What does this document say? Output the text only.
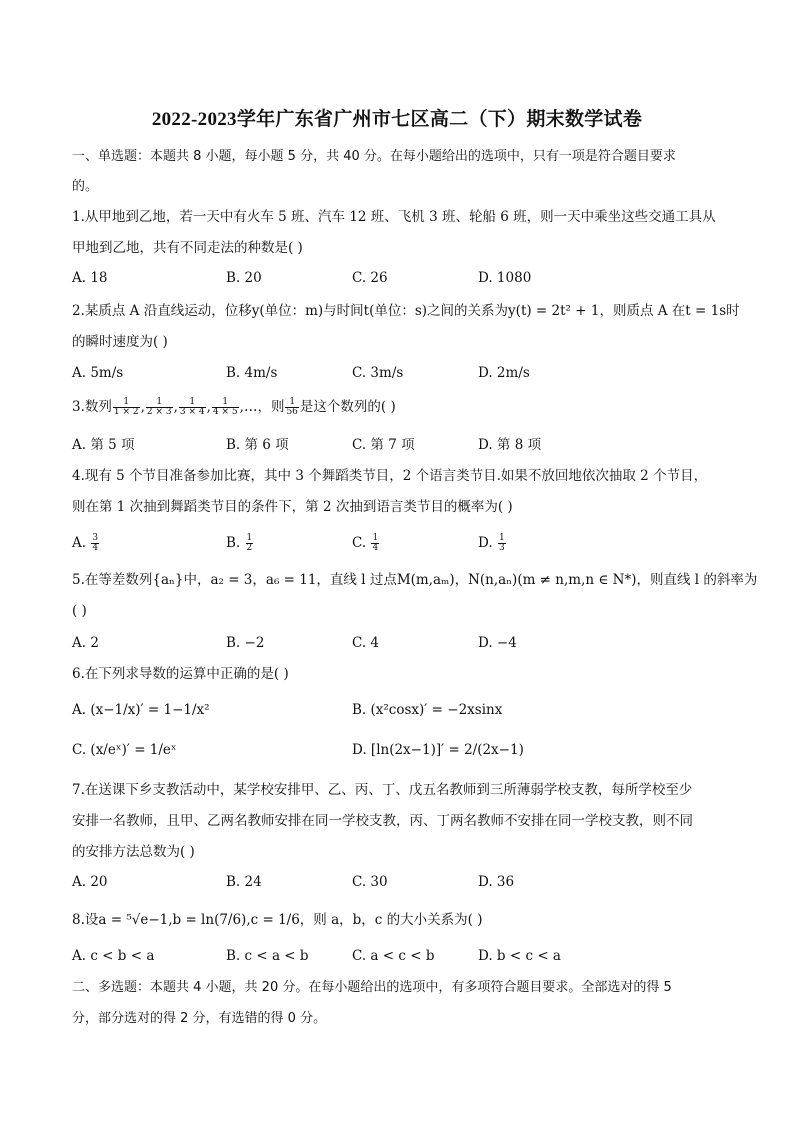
2022-2023学年广东省广州市七区高二（下）期末数学试卷
一、单选题：本题共 8 小题，每小题 5 分，共 40 分。在每小题给出的选项中，只有一项是符合题目要求
的。
1.从甲地到乙地，若一天中有火车 5 班、汽车 12 班、飞机 3 班、轮船 6 班，则一天中乘坐这些交通工具从
甲地到乙地，共有不同走法的种数是( )
A. 18	B. 20	C. 26	D. 1080
2.某质点 A 沿直线运动，位移y(单位：m)与时间t(单位：s)之间的关系为y(t) = 2t² + 1，则质点 A 在t = 1s时
的瞬时速度为( )
A. 5m/s	B. 4m/s	C. 3m/s	D. 2m/s
3.数列 $\frac{1}{1 \times 2}$ , $\frac{1}{2 \times 3}$ , $\frac{1}{3 \times 4}$ , $\frac{1}{4 \times 5}$ ,…，则 $\frac{1}{56}$ 是这个数列的( )
A. 第 5 项	B. 第 6 项	C. 第 7 项	D. 第 8 项
4.现有 5 个节目准备参加比赛，其中 3 个舞蹈类节目，2 个语言类节目.如果不放回地依次抽取 2 个节目，
则在第 1 次抽到舞蹈类节目的条件下，第 2 次抽到语言类节目的概率为( )
A. $\frac{3}{4}$	B. $\frac{1}{2}$	C. $\frac{1}{4}$	D. $\frac{1}{3}$
5.在等差数列{aₙ}中，a₂ = 3，a₆ = 11，直线 l 过点M(m,aₘ)，N(n,aₙ)(m ≠ n,m,n ∈ N*)，则直线 l 的斜率为
( )
A. 2	B. −2	C. 4	D. −4
6.在下列求导数的运算中正确的是( )
A. (x−1/x)′ = 1−1/x²	B. (x²cosx)′ = −2xsinx
C. (x/eˣ)′ = 1/eˣ	D. [ln(2x−1)]′ = 2/(2x−1)
7.在送课下乡支教活动中，某学校安排甲、乙、丙、丁、戊五名教师到三所薄弱学校支教，每所学校至少
安排一名教师，且甲、乙两名教师安排在同一学校支教，丙、丁两名教师不安排在同一学校支教，则不同
的安排方法总数为( )
A. 20	B. 24	C. 30	D. 36
8.设a = ⁵√e−1,b = ln(7/6),c = 1/6，则 a，b，c 的大小关系为( )
A. c < b < a	B. c < a < b	C. a < c < b	D. b < c < a
二、多选题：本题共 4 小题，共 20 分。在每小题给出的选项中，有多项符合题目要求。全部选对的得 5
分，部分选对的得 2 分，有选错的得 0 分。
